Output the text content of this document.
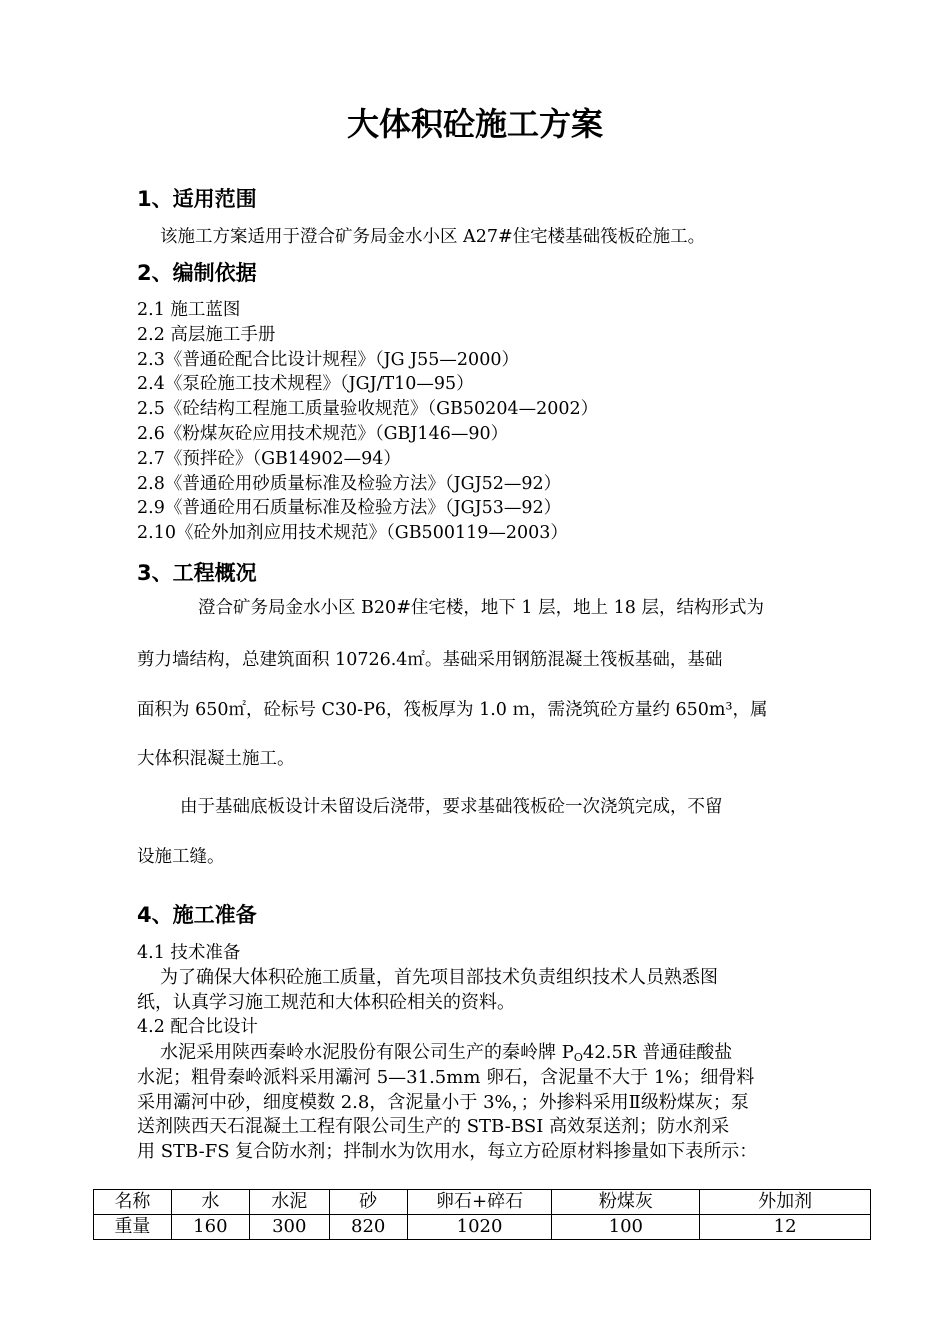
大体积砼施工方案
1、适用范围

该施工方案适用于澄合矿务局金水小区 A27#住宅楼基础筏板砼施工。

2、编制依据
2.1 施工蓝图
2.2 高层施工手册
2.3《普通砼配合比设计规程》（JG J55—2000）
2.4《泵砼施工技术规程》（JGJ/T10—95）
2.5《砼结构工程施工质量验收规范》（GB50204—2002）
2.6《粉煤灰砼应用技术规范》（GBJ146—90）
2.7《预拌砼》（GB14902—94）
2.8《普通砼用砂质量标准及检验方法》（JGJ52—92）
2.9《普通砼用石质量标准及检验方法》（JGJ53—92）
2.10《砼外加剂应用技术规范》（GB500119—2003）
3、工程概况

澄合矿务局金水小区 B20#住宅楼，地下 1 层，地上 18 层，结构形式为

剪力墙结构，总建筑面积 10726.4㎡。基础采用钢筋混凝土筏板基础，基础

面积为 650㎡，砼标号 C30-P6，筏板厚为 1.0 ｍ，需浇筑砼方量约 650m³，属

大体积混凝土施工。

由于基础底板设计未留设后浇带，要求基础筏板砼一次浇筑完成，不留

设施工缝。

4、施工准备

4.1 技术准备

为了确保大体积砼施工质量，首先项目部技术负责组织技术人员熟悉图

纸，认真学习施工规范和大体积砼相关的资料。

4.2 配合比设计

水泥采用陕西秦岭水泥股份有限公司生产的秦岭牌 $P_O42.5R$ 普通硅酸盐

水泥；粗骨秦岭派料采用灞河 5—31.5mm 卵石，含泥量不大于 1%；细骨料

采用灞河中砂，细度模数 2.8，含泥量小于 3%，；外掺料采用Ⅱ级粉煤灰；泵

送剂陕西天石混凝土工程有限公司生产的 STB-BSI 高效泵送剂；防水剂采

用 STB-FS 复合防水剂；拌制水为饮用水，每立方砼原材料掺量如下表所示：

名称	水	水泥	砂	卵石+碎石	粉煤灰	外加剂
重量	160	300	820	1020	100	12
